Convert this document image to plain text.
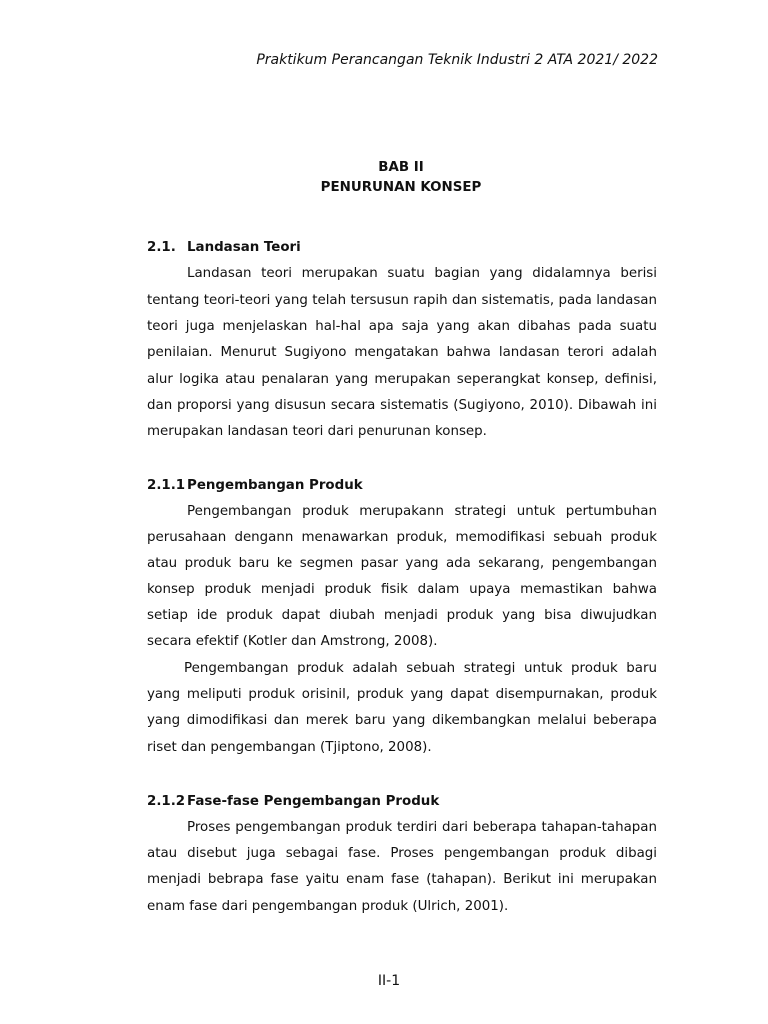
Praktikum Perancangan Teknik Industri 2 ATA 2021/ 2022
BAB II
PENURUNAN KONSEP
2.1. Landasan Teori
Landasan teori merupakan suatu bagian yang didalamnya berisi
tentang teori-teori yang telah tersusun rapih dan sistematis, pada landasan
teori juga menjelaskan hal-hal apa saja yang akan dibahas pada suatu
penilaian. Menurut Sugiyono mengatakan bahwa landasan terori adalah
alur logika atau penalaran yang merupakan seperangkat konsep, definisi,
dan proporsi yang disusun secara sistematis (Sugiyono, 2010). Dibawah ini
merupakan landasan teori dari penurunan konsep.
2.1.1 Pengembangan Produk
Pengembangan produk merupakann strategi untuk pertumbuhan
perusahaan dengann menawarkan produk, memodifikasi sebuah produk
atau produk baru ke segmen pasar yang ada sekarang, pengembangan
konsep produk menjadi produk fisik dalam upaya memastikan bahwa
setiap ide produk dapat diubah menjadi produk yang bisa diwujudkan
secara efektif (Kotler dan Amstrong, 2008).
Pengembangan produk adalah sebuah strategi untuk produk baru
yang meliputi produk orisinil, produk yang dapat disempurnakan, produk
yang dimodifikasi dan merek baru yang dikembangkan melalui beberapa
riset dan pengembangan (Tjiptono, 2008).
2.1.2 Fase-fase Pengembangan Produk
Proses pengembangan produk terdiri dari beberapa tahapan-tahapan
atau disebut juga sebagai fase. Proses pengembangan produk dibagi
menjadi bebrapa fase yaitu enam fase (tahapan). Berikut ini merupakan
enam fase dari pengembangan produk (Ulrich, 2001).
II-1
